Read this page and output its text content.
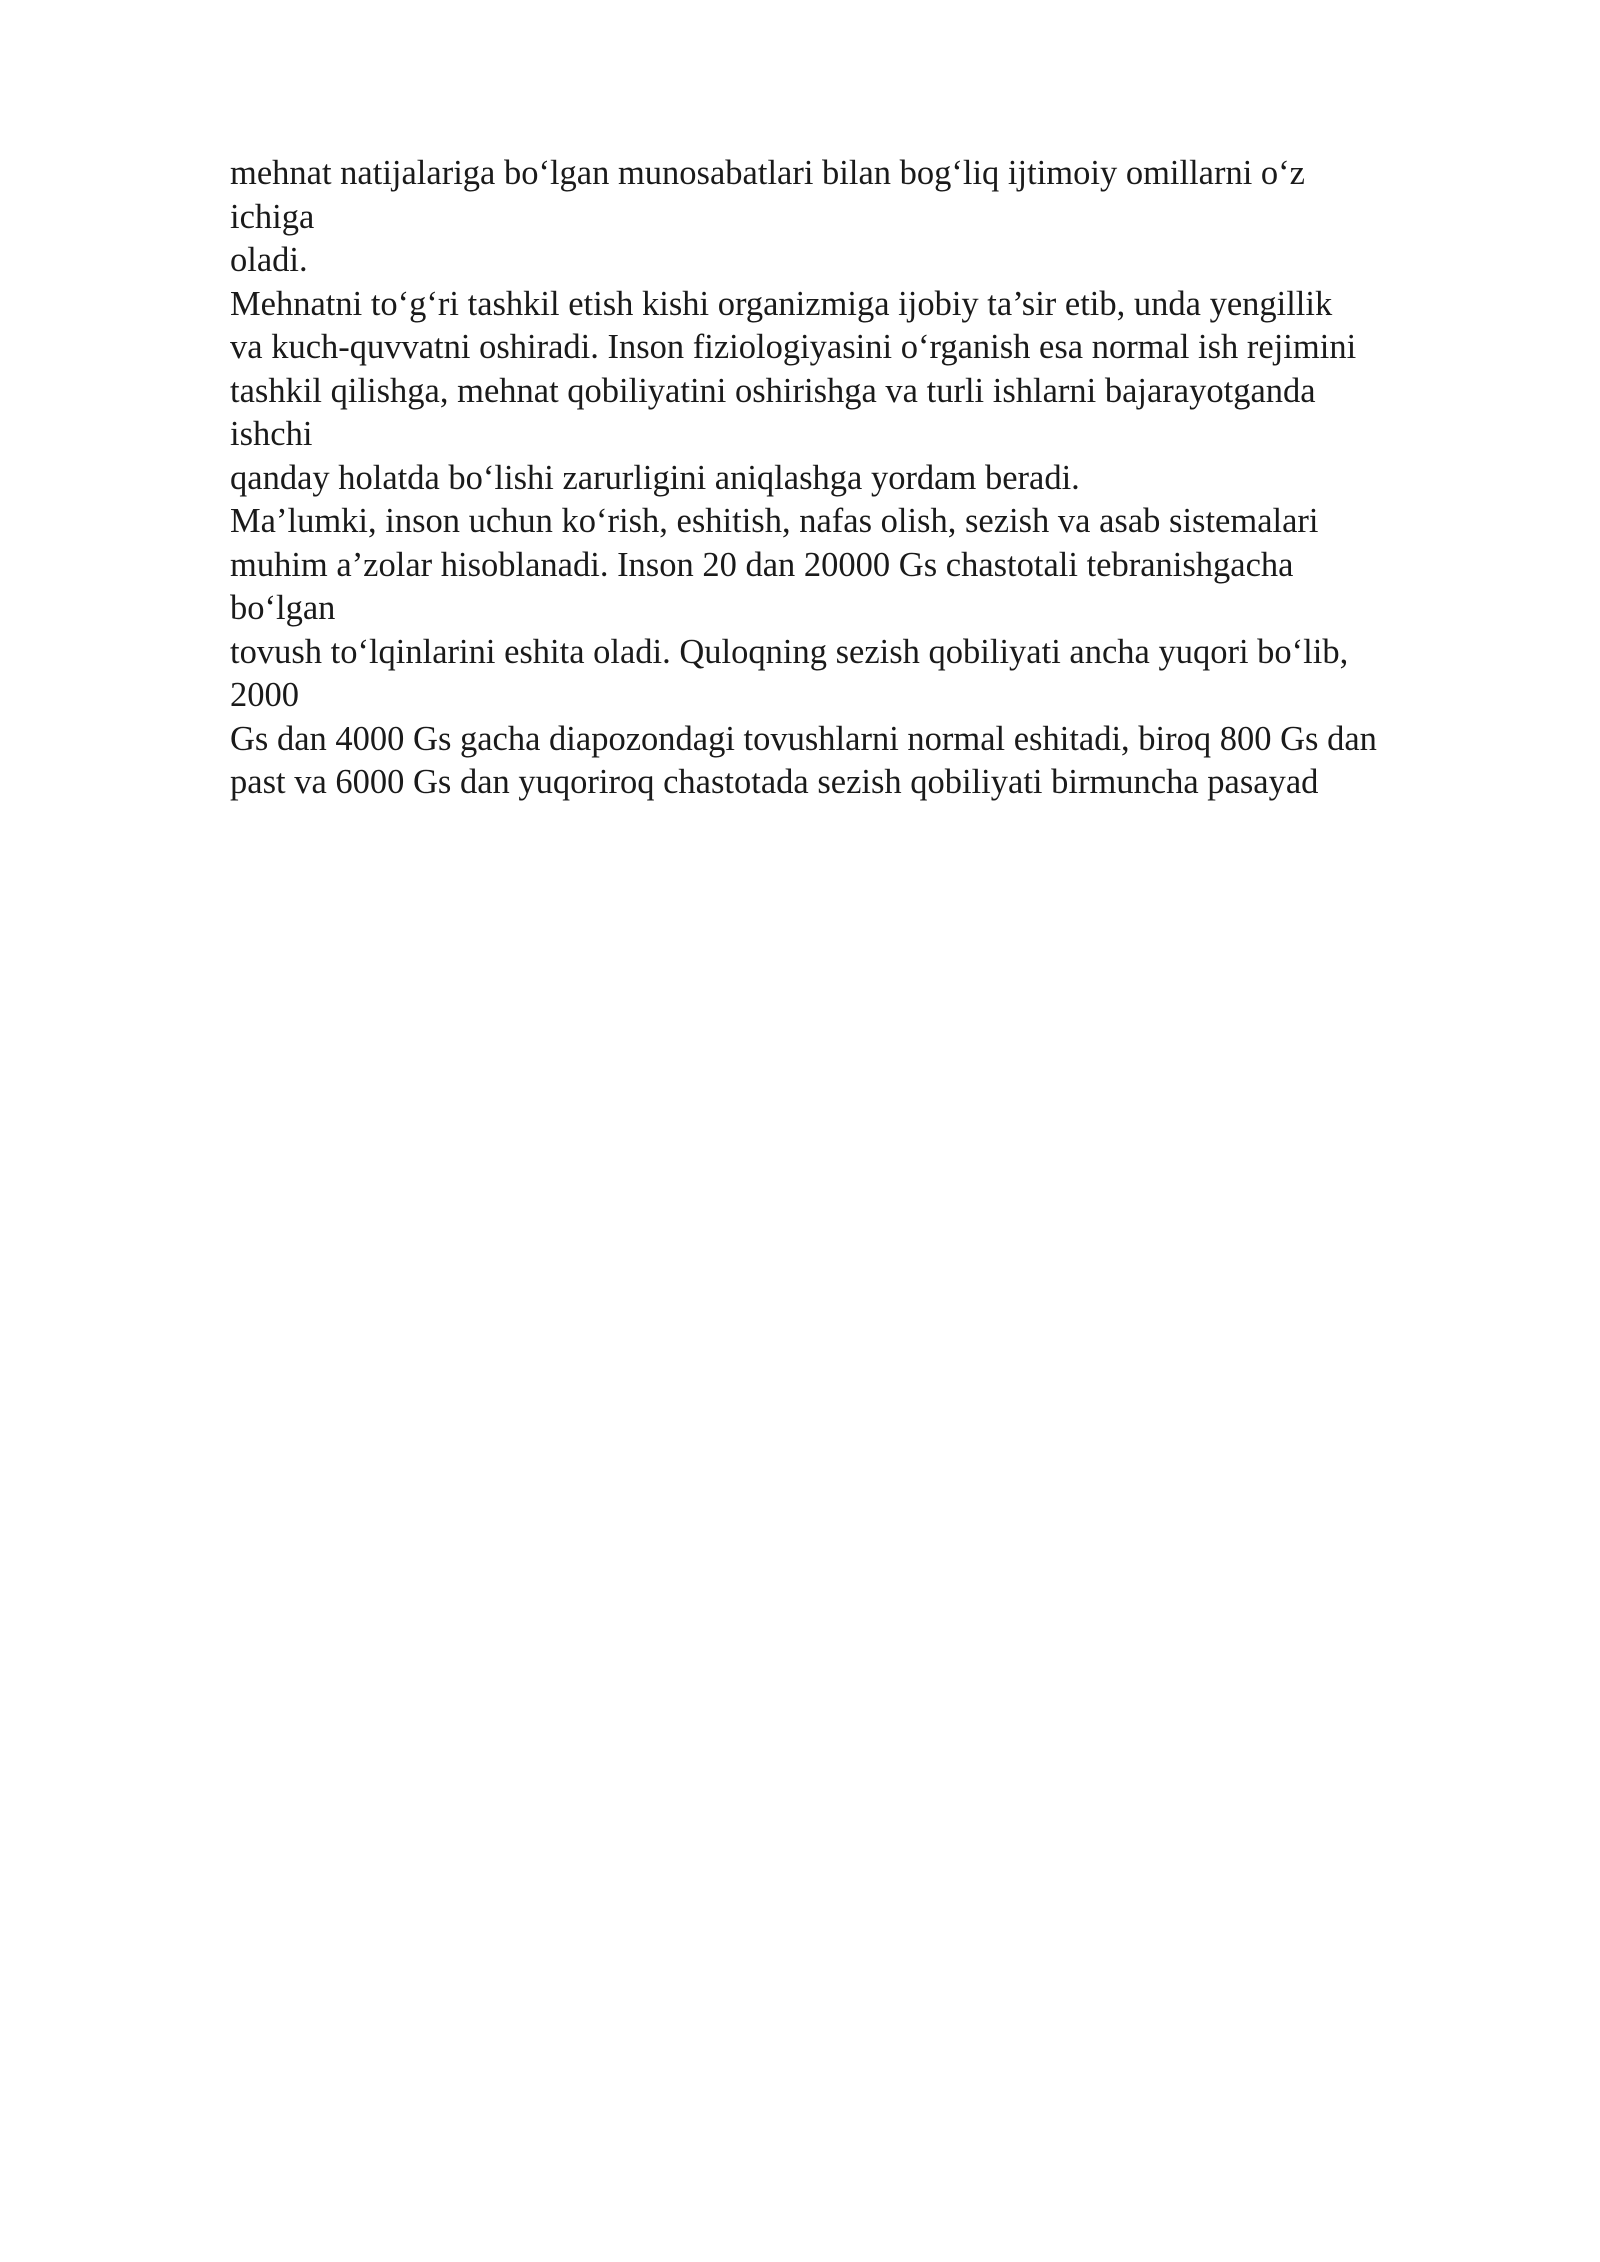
mehnat natijalariga bo‘lgan munosabatlari bilan bog‘liq ijtimoiy omillarni o‘z
ichiga
oladi.
Mehnatni to‘g‘ri tashkil etish kishi organizmiga ijobiy ta’sir etib, unda yengillik
va kuch-quvvatni oshiradi. Inson fiziologiyasini o‘rganish esa normal ish rejimini
tashkil qilishga, mehnat qobiliyatini oshirishga va turli ishlarni bajarayotganda
ishchi
qanday holatda bo‘lishi zarurligini aniqlashga yordam beradi.
Ma’lumki, inson uchun ko‘rish, eshitish, nafas olish, sezish va asab sistemalari
muhim a’zolar hisoblanadi. Inson 20 dan 20000 Gs chastotali tebranishgacha
bo‘lgan
tovush to‘lqinlarini eshita oladi. Quloqning sezish qobiliyati ancha yuqori bo‘lib,
2000
Gs dan 4000 Gs gacha diapozondagi tovushlarni normal eshitadi, biroq 800 Gs dan
past va 6000 Gs dan yuqoriroq chastotada sezish qobiliyati birmuncha pasayad
